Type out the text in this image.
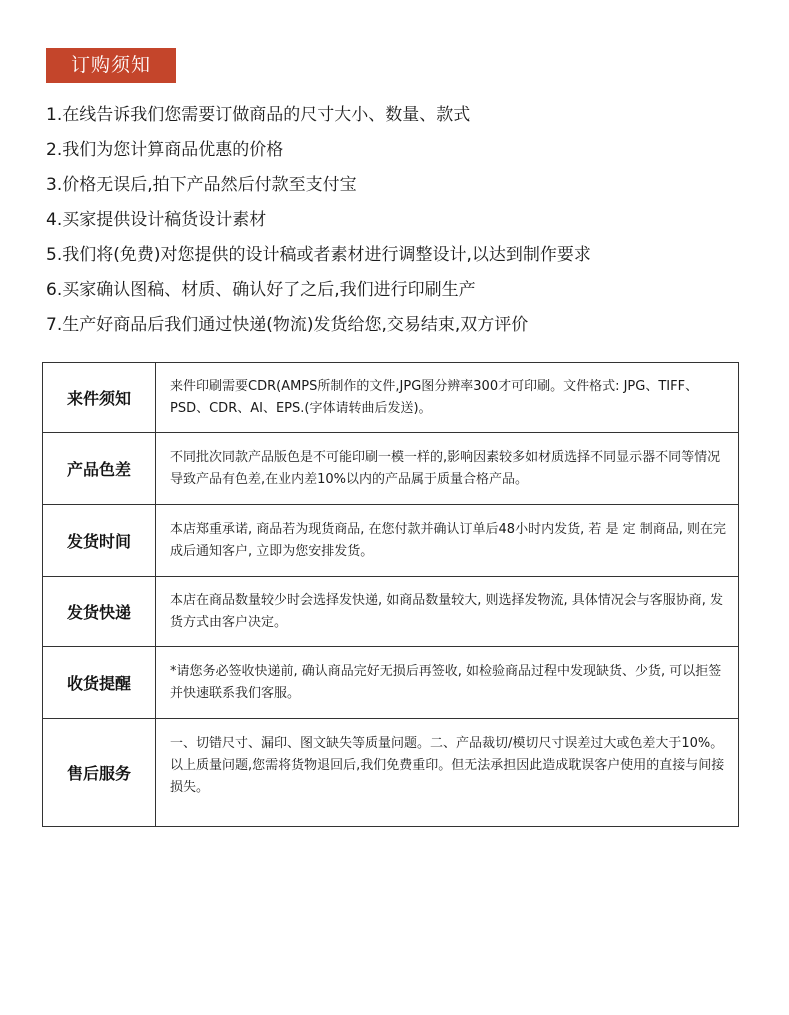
订购须知
1.在线告诉我们您需要订做商品的尺寸大小、数量、款式
2.我们为您计算商品优惠的价格
3.价格无误后,拍下产品然后付款至支付宝
4.买家提供设计稿货设计素材
5.我们将(免费)对您提供的设计稿或者素材进行调整设计,以达到制作要求
6.买家确认图稿、材质、确认好了之后,我们进行印刷生产
7.生产好商品后我们通过快递(物流)发货给您,交易结束,双方评价
来件须知	来件印刷需要CDR(AMPS所制作的文件,JPG图分辨率300才可印刷。文件格式: JPG、TIFF、PSD、CDR、AI、EPS.(字体请转曲后发送)。
产品色差	不同批次同款产品版色是不可能印刷一模一样的,影响因素较多如材质选择不同显示器不同等情况导致产品有色差,在业内差10%以内的产品属于质量合格产品。
发货时间	本店郑重承诺, 商品若为现货商品, 在您付款并确认订单后48小时内发货, 若 是 定 制商品, 则在完成后通知客户, 立即为您安排发货。
发货快递	本店在商品数量较少时会选择发快递, 如商品数量较大, 则选择发物流, 具体情况会与客服协商, 发货方式由客户决定。
收货提醒	*请您务必签收快递前, 确认商品完好无损后再签收, 如检验商品过程中发现缺货、少货, 可以拒签并快速联系我们客服。
售后服务	一、切错尺寸、漏印、图文缺失等质量问题。二、产品裁切/模切尺寸误差过大或色差大于10%。以上质量问题,您需将货物退回后,我们免费重印。但无法承担因此造成耽误客户使用的直接与间接损失。
